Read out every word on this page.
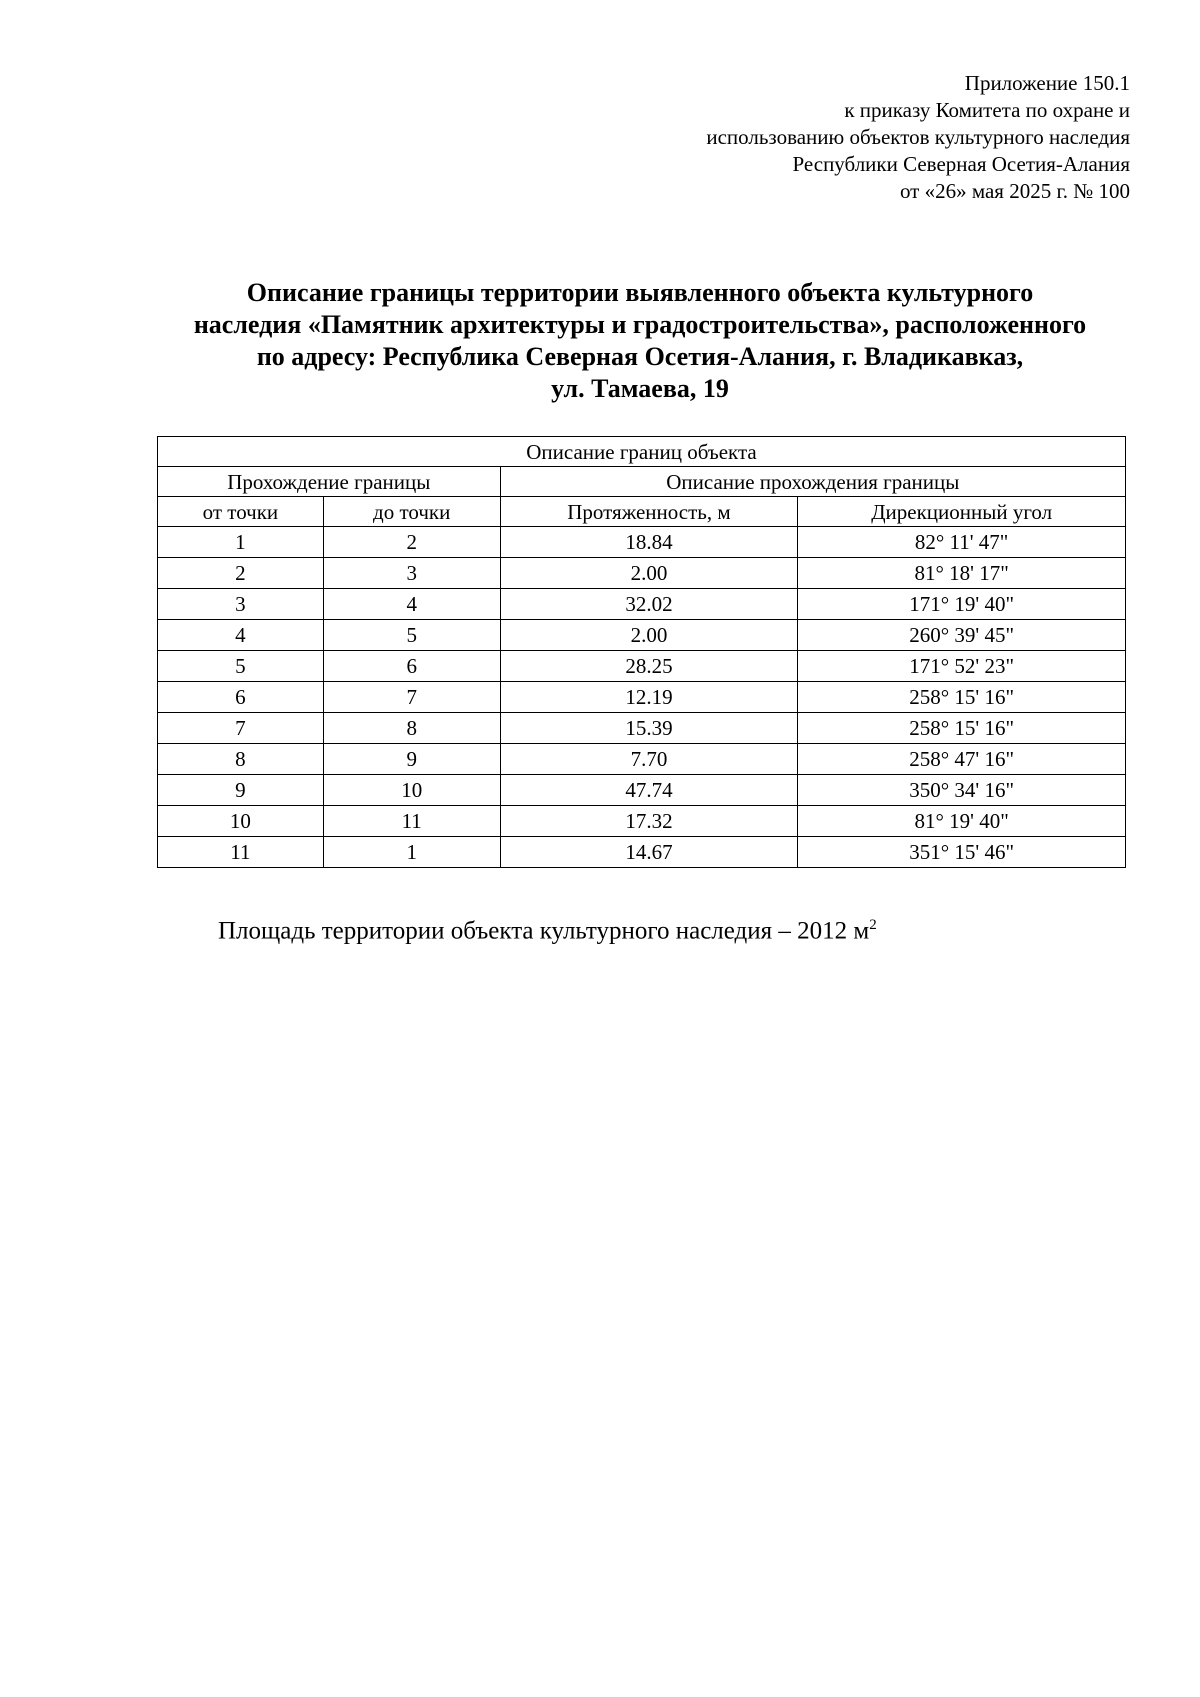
Приложение 150.1
к приказу Комитета по охране и
использованию объектов культурного наследия
Республики Северная Осетия-Алания
от «26» мая 2025 г. № 100
Описание границы территории выявленного объекта культурного
наследия «Памятник архитектуры и градостроительства», расположенного
по адресу: Республика Северная Осетия-Алания, г. Владикавказ,
ул. Тамаева, 19
Описание границ объекта			
Прохождение границы		Описание прохождения границы	
от точки	до точки	Протяженность, м	Дирекционный угол
1	2	18.84	82° 11' 47"
2	3	2.00	81° 18' 17"
3	4	32.02	171° 19' 40"
4	5	2.00	260° 39' 45"
5	6	28.25	171° 52' 23"
6	7	12.19	258° 15' 16"
7	8	15.39	258° 15' 16"
8	9	7.70	258° 47' 16"
9	10	47.74	350° 34' 16"
10	11	17.32	81° 19' 40"
11	1	14.67	351° 15' 46"
Площадь территории объекта культурного наследия – 2012 $м^2$
